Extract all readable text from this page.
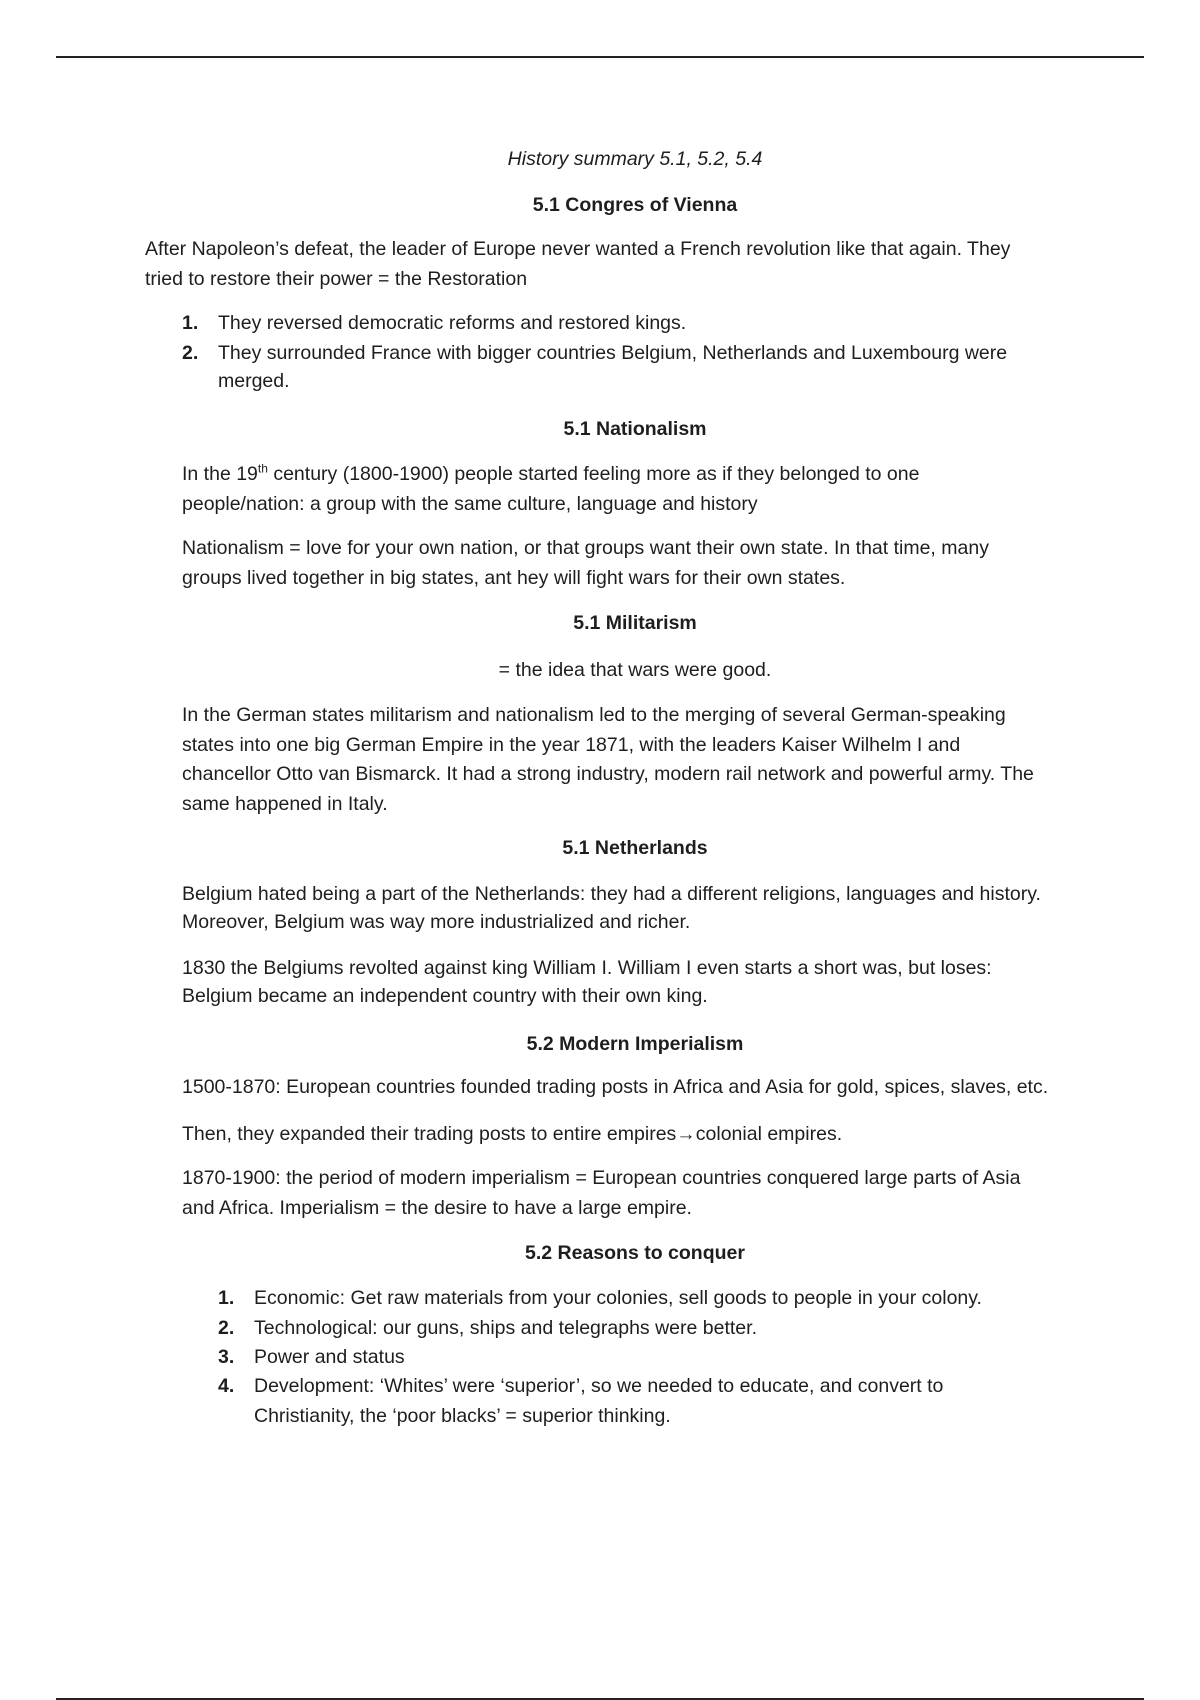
History summary 5.1, 5.2, 5.4
5.1 Congres of Vienna
After Napoleon’s defeat, the leader of Europe never wanted a French revolution like that again. They
tried to restore their power = the Restoration
1. They reversed democratic reforms and restored kings.
2. They surrounded France with bigger countries Belgium, Netherlands and Luxembourg were
merged.
5.1 Nationalism
In the 19th century (1800-1900) people started feeling more as if they belonged to one
people/nation: a group with the same culture, language and history
Nationalism = love for your own nation, or that groups want their own state. In that time, many
groups lived together in big states, ant hey will fight wars for their own states.
5.1 Militarism
= the idea that wars were good.
In the German states militarism and nationalism led to the merging of several German-speaking
states into one big German Empire in the year 1871, with the leaders Kaiser Wilhelm I and
chancellor Otto van Bismarck. It had a strong industry, modern rail network and powerful army. The
same happened in Italy.
5.1 Netherlands
Belgium hated being a part of the Netherlands: they had a different religions, languages and history.
Moreover, Belgium was way more industrialized and richer.
1830 the Belgiums revolted against king William I. William I even starts a short was, but loses:
Belgium became an independent country with their own king.
5.2 Modern Imperialism
1500-1870: European countries founded trading posts in Africa and Asia for gold, spices, slaves, etc.
Then, they expanded their trading posts to entire empires→colonial empires.
1870-1900: the period of modern imperialism = European countries conquered large parts of Asia
and Africa. Imperialism = the desire to have a large empire.
5.2 Reasons to conquer
1. Economic: Get raw materials from your colonies, sell goods to people in your colony.
2. Technological: our guns, ships and telegraphs were better.
3. Power and status
4. Development: ‘Whites’ were ‘superior’, so we needed to educate, and convert to
Christianity, the ‘poor blacks’ = superior thinking.
